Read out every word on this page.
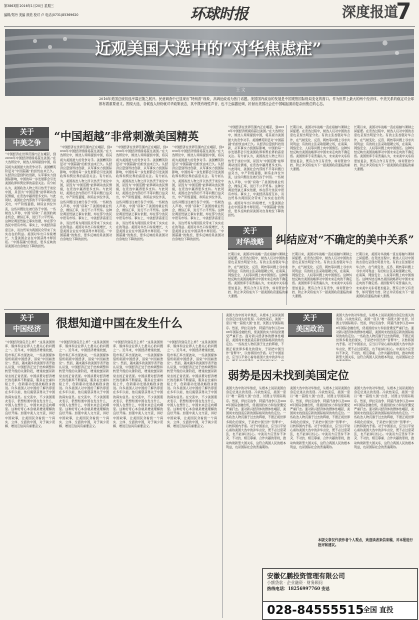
第3863期 2016年1月20日 星期三
编辑/郑丹 美编 颜美 校对 卢 电话(0731)85369620	环球时报	深度报道
7
近观美国大选中的“对华焦虑症”
王 文
2016年美国总统初选序幕正随之展开。民意调查中已显现出“特朗普”现象，高调论政成为热门话题。美国国内政治的发展是中国观察国际格局变化的窗口。作为世界上最大的两个经济体，中美关系的稳定对全球都有着重要意义。围绕大选，各候选人纷纷就对华政策表态，其中既有理性声音，也不乏偏激论调，折射出美国社会在中国崛起面前复杂而焦虑的心态。
关于
中美之争	“中国超越”非常刺激美国精英
“中国经济在世界范围内正在崛起，到2030年中国经济规模将超过美国。”在大选辩论中，候选人频频提到中国，将其视为美国最大的竞争对手。美国精英阶层对“中国超越”的担忧由来已久。从经济总量到科技创新，从军事实力到国际影响，中国的每一步发展都会引发美国政界和舆论界的高度关注。有分析认为，美国政治人物之所以热衷于谈论中国，是因为“中国话题”能够调动选民情绪，在竞选中赢得更多支持。与此同时，美国社会内部的不平等问题日益突出，中产阶级萎缩，制造业岗位外流，这些问题往往被归咎于中国。一些候选人声称，中国“窃取”了美国的就业机会，操纵汇率，进行不公平贸易。这种论调虽然缺乏事实依据，却在部分选民中很有市场。事实上，中美经济高度互补，双边贸易为两国民众带来了实实在在的利益。美国对华出口持续增长，大量美国企业在中国获得丰厚回报。“中国超越”的焦虑，更多反映的是美国对自身地位下降的担忧。
“中国经济在世界范围内正在崛起，到2030年中国经济规模将超过美国。”在大选辩论中，候选人频频提到中国，将其视为美国最大的竞争对手。美国精英阶层对“中国超越”的担忧由来已久。从经济总量到科技创新，从军事实力到国际影响，中国的每一步发展都会引发美国政界和舆论界的高度关注。有分析认为，美国政治人物之所以热衷于谈论中国，是因为“中国话题”能够调动选民情绪，在竞选中赢得更多支持。与此同时，美国社会内部的不平等问题日益突出，中产阶级萎缩，制造业岗位外流，这些问题往往被归咎于中国。一些候选人声称，中国“窃取”了美国的就业机会，操纵汇率，进行不公平贸易。这种论调虽然缺乏事实依据，却在部分选民中很有市场。事实上，中美经济高度互补，双边贸易为两国民众带来了实实在在的利益。美国对华出口持续增长，大量美国企业在中国获得丰厚回报。“中国超越”的焦虑，更多反映的是美国对自身地位下降的担忧。
“中国经济在世界范围内正在崛起，到2030年中国经济规模将超过美国。”在大选辩论中，候选人频频提到中国，将其视为美国最大的竞争对手。美国精英阶层对“中国超越”的担忧由来已久。从经济总量到科技创新，从军事实力到国际影响，中国的每一步发展都会引发美国政界和舆论界的高度关注。有分析认为，美国政治人物之所以热衷于谈论中国，是因为“中国话题”能够调动选民情绪，在竞选中赢得更多支持。与此同时，美国社会内部的不平等问题日益突出，中产阶级萎缩，制造业岗位外流，这些问题往往被归咎于中国。一些候选人声称，中国“窃取”了美国的就业机会，操纵汇率，进行不公平贸易。这种论调虽然缺乏事实依据，却在部分选民中很有市场。事实上，中美经济高度互补，双边贸易为两国民众带来了实实在在的利益。美国对华出口持续增长，大量美国企业在中国获得丰厚回报。“中国超越”的焦虑，更多反映的是美国对自身地位下降的担忧。
“中国经济在世界范围内正在崛起，到2030年中国经济规模将超过美国。”在大选辩论中，候选人频频提到中国，将其视为美国最大的竞争对手。美国精英阶层对“中国超越”的担忧由来已久。从经济总量到科技创新，从军事实力到国际影响，中国的每一步发展都会引发美国政界和舆论界的高度关注。有分析认为，美国政治人物之所以热衷于谈论中国，是因为“中国话题”能够调动选民情绪，在竞选中赢得更多支持。与此同时，美国社会内部的不平等问题日益突出，中产阶级萎缩，制造业岗位外流，这些问题往往被归咎于中国。一些候选人声称，中国“窃取”了美国的就业机会，操纵汇率，进行不公平贸易。这种论调虽然缺乏事实依据，却在部分选民中很有市场。事实上，中美经济高度互补，双边贸易为两国民众带来了实实在在的利益。美国对华出口持续增长，大量美国企业在中国获得丰厚回报。“中国超越”的焦虑，更多反映的是美国对自身地位下降的担忧。
“中国经济在世界范围内正在崛起，到2030年中国经济规模将超过美国。”在大选辩论中，候选人频频提到中国，将其视为美国最大的竞争对手。美国精英阶层对“中国超越”的担忧由来已久。从经济总量到科技创新，从军事实力到国际影响，中国的每一步发展都会引发美国政界和舆论界的高度关注。有分析认为，美国政治人物之所以热衷于谈论中国，是因为“中国话题”能够调动选民情绪，在竞选中赢得更多支持。与此同时，美国社会内部的不平等问题日益突出，中产阶级萎缩，制造业岗位外流，这些问题往往被归咎于中国。一些候选人声称，中国“窃取”了美国的就业机会，操纵汇率，进行不公平贸易。这种论调虽然缺乏事实依据，却在部分选民中很有市场。事实上，中美经济高度互补，双边贸易为两国民众带来了实实在在的利益。美国对华出口持续增长，大量美国企业在中国获得丰厚回报。“中国超越”的焦虑，更多反映的是美国对自身地位下降的担忧。
长期以来，美国对华战略一直在接触与遏制之间摇摆。在竞选过程中，候选人们对中国的态度也呈现出明显分化。有的主张加强对华合作，在气候变化、反恐、朝核等问题上寻求共同利益；有的则主张采取强硬立场，在南海、网络安全、人权等问题上向中国施压。这种纠结反映出美国战略界对中国未来走向的不确定感。美国智库专家普遍认为，未来美中关系将更加复杂，既有合作又有竞争，如何管控分歧、防止冲突将成为下一届美国政府面临的重大课题。
长期以来，美国对华战略一直在接触与遏制之间摇摆。在竞选过程中，候选人们对中国的态度也呈现出明显分化。有的主张加强对华合作，在气候变化、反恐、朝核等问题上寻求共同利益；有的则主张采取强硬立场，在南海、网络安全、人权等问题上向中国施压。这种纠结反映出美国战略界对中国未来走向的不确定感。美国智库专家普遍认为，未来美中关系将更加复杂，既有合作又有竞争，如何管控分歧、防止冲突将成为下一届美国政府面临的重大课题。
关于
对华战略	纠结应对“不确定的美中关系”
长期以来，美国对华战略一直在接触与遏制之间摇摆。在竞选过程中，候选人们对中国的态度也呈现出明显分化。有的主张加强对华合作，在气候变化、反恐、朝核等问题上寻求共同利益；有的则主张采取强硬立场，在南海、网络安全、人权等问题上向中国施压。这种纠结反映出美国战略界对中国未来走向的不确定感。美国智库专家普遍认为，未来美中关系将更加复杂，既有合作又有竞争，如何管控分歧、防止冲突将成为下一届美国政府面临的重大课题。
长期以来，美国对华战略一直在接触与遏制之间摇摆。在竞选过程中，候选人们对中国的态度也呈现出明显分化。有的主张加强对华合作，在气候变化、反恐、朝核等问题上寻求共同利益；有的则主张采取强硬立场，在南海、网络安全、人权等问题上向中国施压。这种纠结反映出美国战略界对中国未来走向的不确定感。美国智库专家普遍认为，未来美中关系将更加复杂，既有合作又有竞争，如何管控分歧、防止冲突将成为下一届美国政府面临的重大课题。
长期以来，美国对华战略一直在接触与遏制之间摇摆。在竞选过程中，候选人们对中国的态度也呈现出明显分化。有的主张加强对华合作，在气候变化、反恐、朝核等问题上寻求共同利益；有的则主张采取强硬立场，在南海、网络安全、人权等问题上向中国施压。这种纠结反映出美国战略界对中国未来走向的不确定感。美国智库专家普遍认为，未来美中关系将更加复杂，既有合作又有竞争，如何管控分歧、防止冲突将成为下一届美国政府面临的重大课题。
关于
中国经济	很想知道中国在发生什么
“中国经济到底怎么样？”这是美国智库、媒体和企业界人士最关心的问题之一。近年来，中国经济增速放缓，股市和汇率出现波动，一些美国媒体借机唱衰中国经济，渲染“中国崩溃论”。然而，越来越多的美国学者开始认识到，中国经济正处于结构调整和转型升级的关键阶段，增速放缓是新常态的正常表现。中国消费对经济增长的贡献率不断提高，服务业比重持续上升，创新驱动发展战略稳步推进。许多美国人对中国的了解仍停留在多年以前，他们渴望获得关于中国的真实信息。在交流中，不少美国朋友表示，很想知道中国在发生什么，中国人在想什么，中国未来会走向哪里。这种好奇心本身就是增进理解的良好开端。加强中美人文交流，讲好中国故事，让美国民众看到一个真实、立体、全面的中国，对于减少误解、增进互信具有重要意义。
“中国经济到底怎么样？”这是美国智库、媒体和企业界人士最关心的问题之一。近年来，中国经济增速放缓，股市和汇率出现波动，一些美国媒体借机唱衰中国经济，渲染“中国崩溃论”。然而，越来越多的美国学者开始认识到，中国经济正处于结构调整和转型升级的关键阶段，增速放缓是新常态的正常表现。中国消费对经济增长的贡献率不断提高，服务业比重持续上升，创新驱动发展战略稳步推进。许多美国人对中国的了解仍停留在多年以前，他们渴望获得关于中国的真实信息。在交流中，不少美国朋友表示，很想知道中国在发生什么，中国人在想什么，中国未来会走向哪里。这种好奇心本身就是增进理解的良好开端。加强中美人文交流，讲好中国故事，让美国民众看到一个真实、立体、全面的中国，对于减少误解、增进互信具有重要意义。
“中国经济到底怎么样？”这是美国智库、媒体和企业界人士最关心的问题之一。近年来，中国经济增速放缓，股市和汇率出现波动，一些美国媒体借机唱衰中国经济，渲染“中国崩溃论”。然而，越来越多的美国学者开始认识到，中国经济正处于结构调整和转型升级的关键阶段，增速放缓是新常态的正常表现。中国消费对经济增长的贡献率不断提高，服务业比重持续上升，创新驱动发展战略稳步推进。许多美国人对中国的了解仍停留在多年以前，他们渴望获得关于中国的真实信息。在交流中，不少美国朋友表示，很想知道中国在发生什么，中国人在想什么，中国未来会走向哪里。这种好奇心本身就是增进理解的良好开端。加强中美人文交流，讲好中国故事，让美国民众看到一个真实、立体、全面的中国，对于减少误解、增进互信具有重要意义。
“中国经济到底怎么样？”这是美国智库、媒体和企业界人士最关心的问题之一。近年来，中国经济增速放缓，股市和汇率出现波动，一些美国媒体借机唱衰中国经济，渲染“中国崩溃论”。然而，越来越多的美国学者开始认识到，中国经济正处于结构调整和转型升级的关键阶段，增速放缓是新常态的正常表现。中国消费对经济增长的贡献率不断提高，服务业比重持续上升，创新驱动发展战略稳步推进。许多美国人对中国的了解仍停留在多年以前，他们渴望获得关于中国的真实信息。在交流中，不少美国朋友表示，很想知道中国在发生什么，中国人在想什么，中国未来会走向哪里。这种好奇心本身就是增进理解的良好开端。加强中美人文交流，讲好中国故事，让美国民众看到一个真实、立体、全面的中国，对于减少误解、增进互信具有重要意义。
美国大选中的对华焦虑，从根本上说是美国自身定位迷失的表现。冷战结束后，美国一度以“唯一超级大国”自居，试图主导国际秩序。然而，伊拉克战争、阿富汗战争以及2008年国际金融危机，使美国的实力和信誉遭受严重打击。面对新兴经济体的群体性崛起，美国尚未找到适应新的国际格局的角色定位。一些政治人物沉湎于过去的辉煌，不愿正视世界多极化的现实，于是把中国当作“替罪羊”，以转移国内矛盾。对于中国而言，应当以平常心看待美国大选中的涉华言
关于
美国政治
美国大选中的对华焦虑，从根本上说是美国自身定位迷失的表现。冷战结束后，美国一度以“唯一超级大国”自居，试图主导国际秩序。然而，伊拉克战争、阿富汗战争以及2008年国际金融危机，使美国的实力和信誉遭受严重打击。面对新兴经济体的群体性崛起，美国尚未找到适应新的国际格局的角色定位。一些政治人物沉湎于过去的辉煌，不愿正视世界多极化的现实，于是把中国当作“替罪羊”，以转移国内矛盾。对于中国而言，应当以平常心看待美国大选中的涉华言论，既不必过度紧张，也不能掉以轻心。中美双方应坚持不冲突、不对抗、相互尊重、合作共赢的原则，推动构建新型大国关系，这符合两国人民的根本利益，也是国际社会
弱势是因未找到美国定位
美国大选中的对华焦虑，从根本上说是美国自身定位迷失的表现。冷战结束后，美国一度以“唯一超级大国”自居，试图主导国际秩序。然而，伊拉克战争、阿富汗战争以及2008年国际金融危机，使美国的实力和信誉遭受严重打击。面对新兴经济体的群体性崛起，美国尚未找到适应新的国际格局的角色定位。一些政治人物沉湎于过去的辉煌，不愿正视世界多极化的现实，于是把中国当作“替罪羊”，以转移国内矛盾。对于中国而言，应当以平常心看待美国大选中的涉华言论，既不必过度紧张，也不能掉以轻心。中美双方应坚持不冲突、不对抗、相互尊重、合作共赢的原则，推动构建新型大国关系，这符合两国人民的根本利益，也是国际社会的普遍期待。
美国大选中的对华焦虑，从根本上说是美国自身定位迷失的表现。冷战结束后，美国一度以“唯一超级大国”自居，试图主导国际秩序。然而，伊拉克战争、阿富汗战争以及2008年国际金融危机，使美国的实力和信誉遭受严重打击。面对新兴经济体的群体性崛起，美国尚未找到适应新的国际格局的角色定位。一些政治人物沉湎于过去的辉煌，不愿正视世界多极化的现实，于是把中国当作“替罪羊”，以转移国内矛盾。对于中国而言，应当以平常心看待美国大选中的涉华言论，既不必过度紧张，也不能掉以轻心。中美双方应坚持不冲突、不对抗、相互尊重、合作共赢的原则，推动构建新型大国关系，这符合两国人民的根本利益，也是国际社会的普遍期待。
美国大选中的对华焦虑，从根本上说是美国自身定位迷失的表现。冷战结束后，美国一度以“唯一超级大国”自居，试图主导国际秩序。然而，伊拉克战争、阿富汗战争以及2008年国际金融危机，使美国的实力和信誉遭受严重打击。面对新兴经济体的群体性崛起，美国尚未找到适应新的国际格局的角色定位。一些政治人物沉湎于过去的辉煌，不愿正视世界多极化的现实，于是把中国当作“替罪羊”，以转移国内矛盾。对于中国而言，应当以平常心看待美国大选中的涉华言论，既不必过度紧张，也不能掉以轻心。中美双方应坚持不冲突、不对抗、相互尊重、合作共赢的原则，推动构建新型大国关系，这符合两国人民的根本利益，也是国际社会的普遍期待。
本版文章仅代表作者个人观点，欢迎读者来信来稿，对本报进行批评和建议。
安徽亿鹏投资管理有限公司
小额贷款 · 企业融资 · 财务顾问
热线电话：18256997760 安总
028-84555515 全国 直投
